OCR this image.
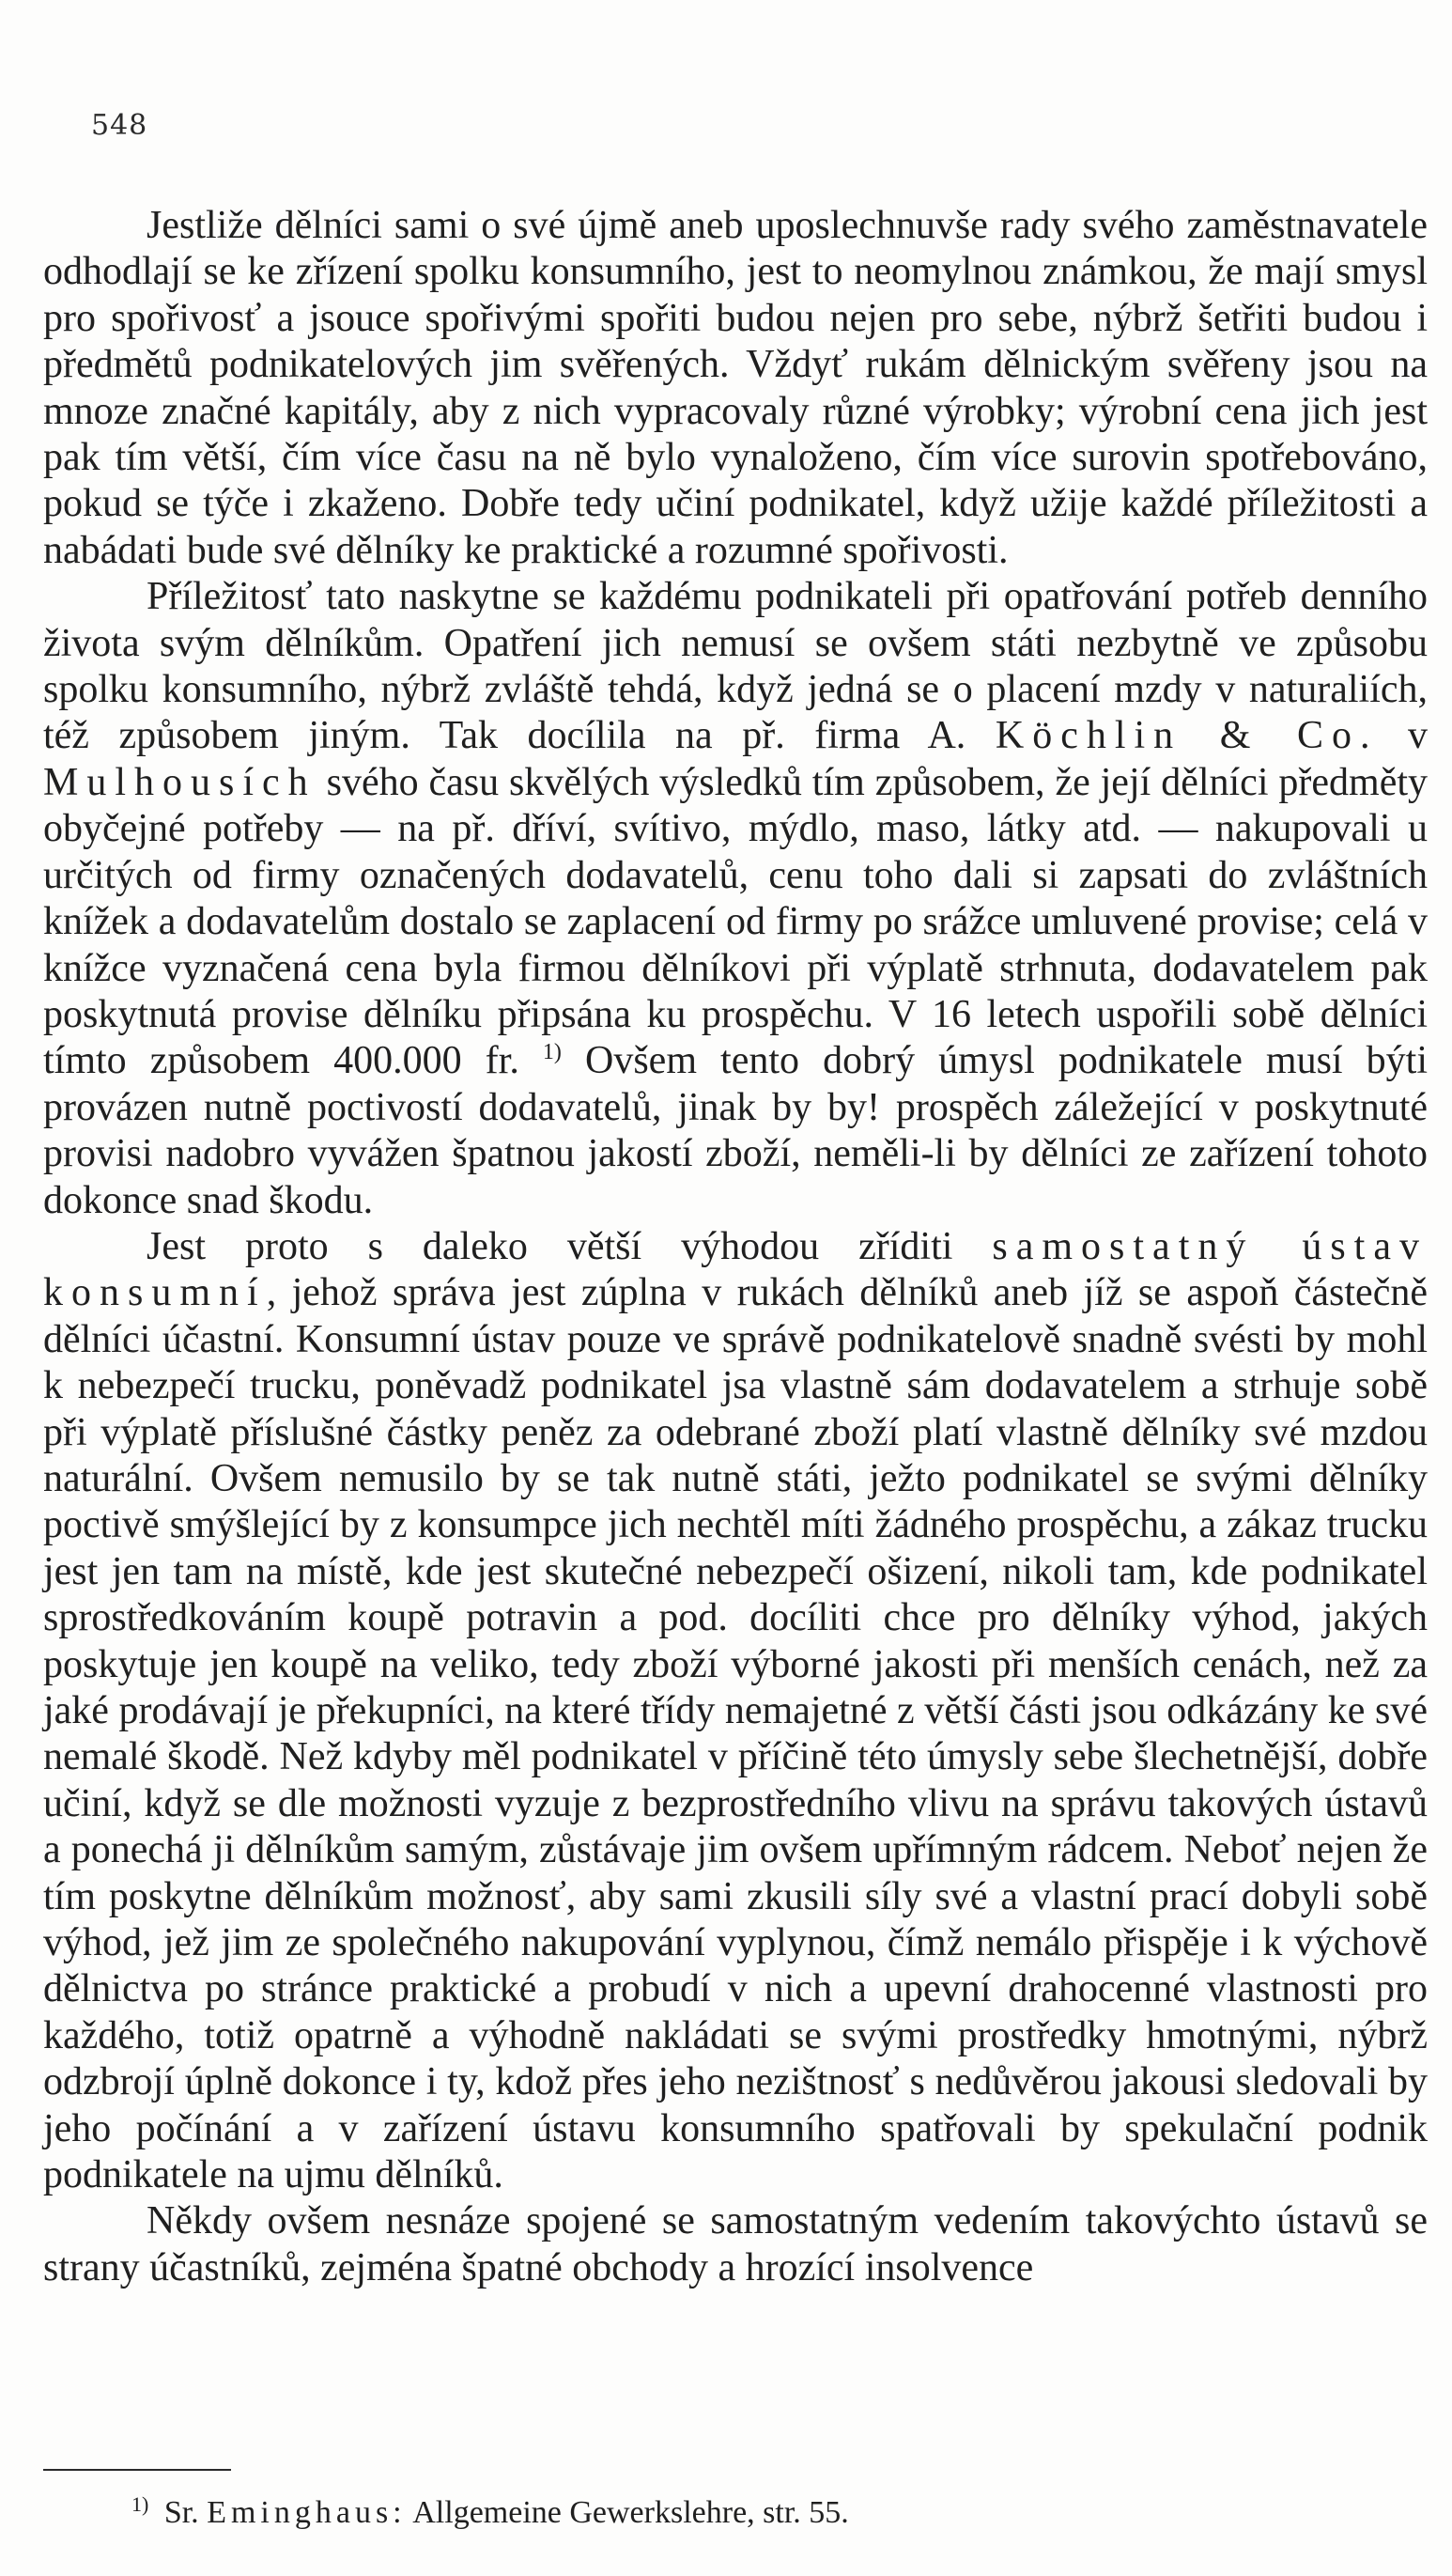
548

Jestliže dělníci sami o své újmě aneb uposlechnuvše rady svého zaměstnavatele odhodlají se ke zřízení spolku konsumního, jest to neomylnou známkou, že mají smysl pro spořivosť a jsouce spořivými spořiti budou nejen pro sebe, nýbrž šetřiti budou i předmětů podnikatelových jim svěřených. Vždyť rukám dělnickým svěřeny jsou na mnoze značné kapitály, aby z nich vypracovaly různé výrobky; výrobní cena jich jest pak tím větší, čím více času na ně bylo vynaloženo, čím více surovin spotřebováno, pokud se týče i zkaženo. Dobře tedy učiní podnikatel, když užije každé příležitosti a nabádati bude své dělníky ke praktické a rozumné spořivosti.

Příležitosť tato naskytne se každému podnikateli při opatřování potřeb denního života svým dělníkům. Opatření jich nemusí se ovšem státi nezbytně ve způsobu spolku konsumního, nýbrž zvláště tehdá, když jedná se o placení mzdy v naturaliích, též způsobem jiným. Tak docílila na př. firma A. Köchlin & Co. v Mulhousích svého času skvělých výsledků tím způsobem, že její dělníci předměty obyčejné potřeby — na př. dříví, svítivo, mýdlo, maso, látky atd. — nakupovali u určitých od firmy označených dodavatelů, cenu toho dali si zapsati do zvláštních knížek a dodavatelům dostalo se zaplacení od firmy po srážce umluvené provise; celá v knížce vyznačená cena byla firmou dělníkovi při výplatě strhnuta, dodavatelem pak poskytnutá provise dělníku připsána ku prospěchu. V 16 letech uspořili sobě dělníci tímto způsobem 400.000 fr. $^{1)}$ Ovšem tento dobrý úmysl podnikatele musí býti provázen nutně poctivostí dodavatelů, jinak by by! prospěch záležející v poskytnuté provisi nadobro vyvážen špatnou jakostí zboží, neměli-li by dělníci ze zařízení tohoto dokonce snad škodu.

Jest proto s daleko větší výhodou zříditi samostatný ústav konsumní, jehož správa jest zúplna v rukách dělníků aneb jíž se aspoň částečně dělníci účastní. Konsumní ústav pouze ve správě podnikatelově snadně svésti by mohl k nebezpečí trucku, poněvadž podnikatel jsa vlastně sám dodavatelem a strhuje sobě při výplatě příslušné částky peněz za odebrané zboží platí vlastně dělníky své mzdou naturální. Ovšem nemusilo by se tak nutně státi, ježto podnikatel se svými dělníky poctivě smýšlející by z konsumpce jich nechtěl míti žádného prospěchu, a zákaz trucku jest jen tam na místě, kde jest skutečné nebezpečí ošizení, nikoli tam, kde podnikatel sprostředkováním koupě potravin a pod. docíliti chce pro dělníky výhod, jakých poskytuje jen koupě na veliko, tedy zboží výborné jakosti při menších cenách, než za jaké prodávají je překupníci, na které třídy nemajetné z větší části jsou odkázány ke své nemalé škodě. Než kdyby měl podnikatel v příčině této úmysly sebe šlechetnější, dobře učiní, když se dle možnosti vyzuje z bezprostředního vlivu na správu takových ústavů a ponechá ji dělníkům samým, zůstávaje jim ovšem upřímným rádcem. Neboť nejen že tím poskytne dělníkům možnosť, aby sami zkusili síly své a vlastní prací dobyli sobě výhod, jež jim ze společného nakupování vyplynou, čímž nemálo přispěje i k výchově dělnictva po stránce praktické a probudí v nich a upevní drahocenné vlastnosti pro každého, totiž opatrně a výhodně nakládati se svými prostředky hmotnými, nýbrž odzbrojí úplně dokonce i ty, kdož přes jeho nezištnosť s nedůvěrou jakousi sledovali by jeho počínání a v zařízení ústavu konsumního spatřovali by spekulační podnik podnikatele na ujmu dělníků.

Někdy ovšem nesnáze spojené se samostatným vedením takovýchto ústavů se strany účastníků, zejména špatné obchody a hrozící insolvence

$^{1)}$ Sr. Eminghaus: Allgemeine Gewerkslehre, str. 55.
